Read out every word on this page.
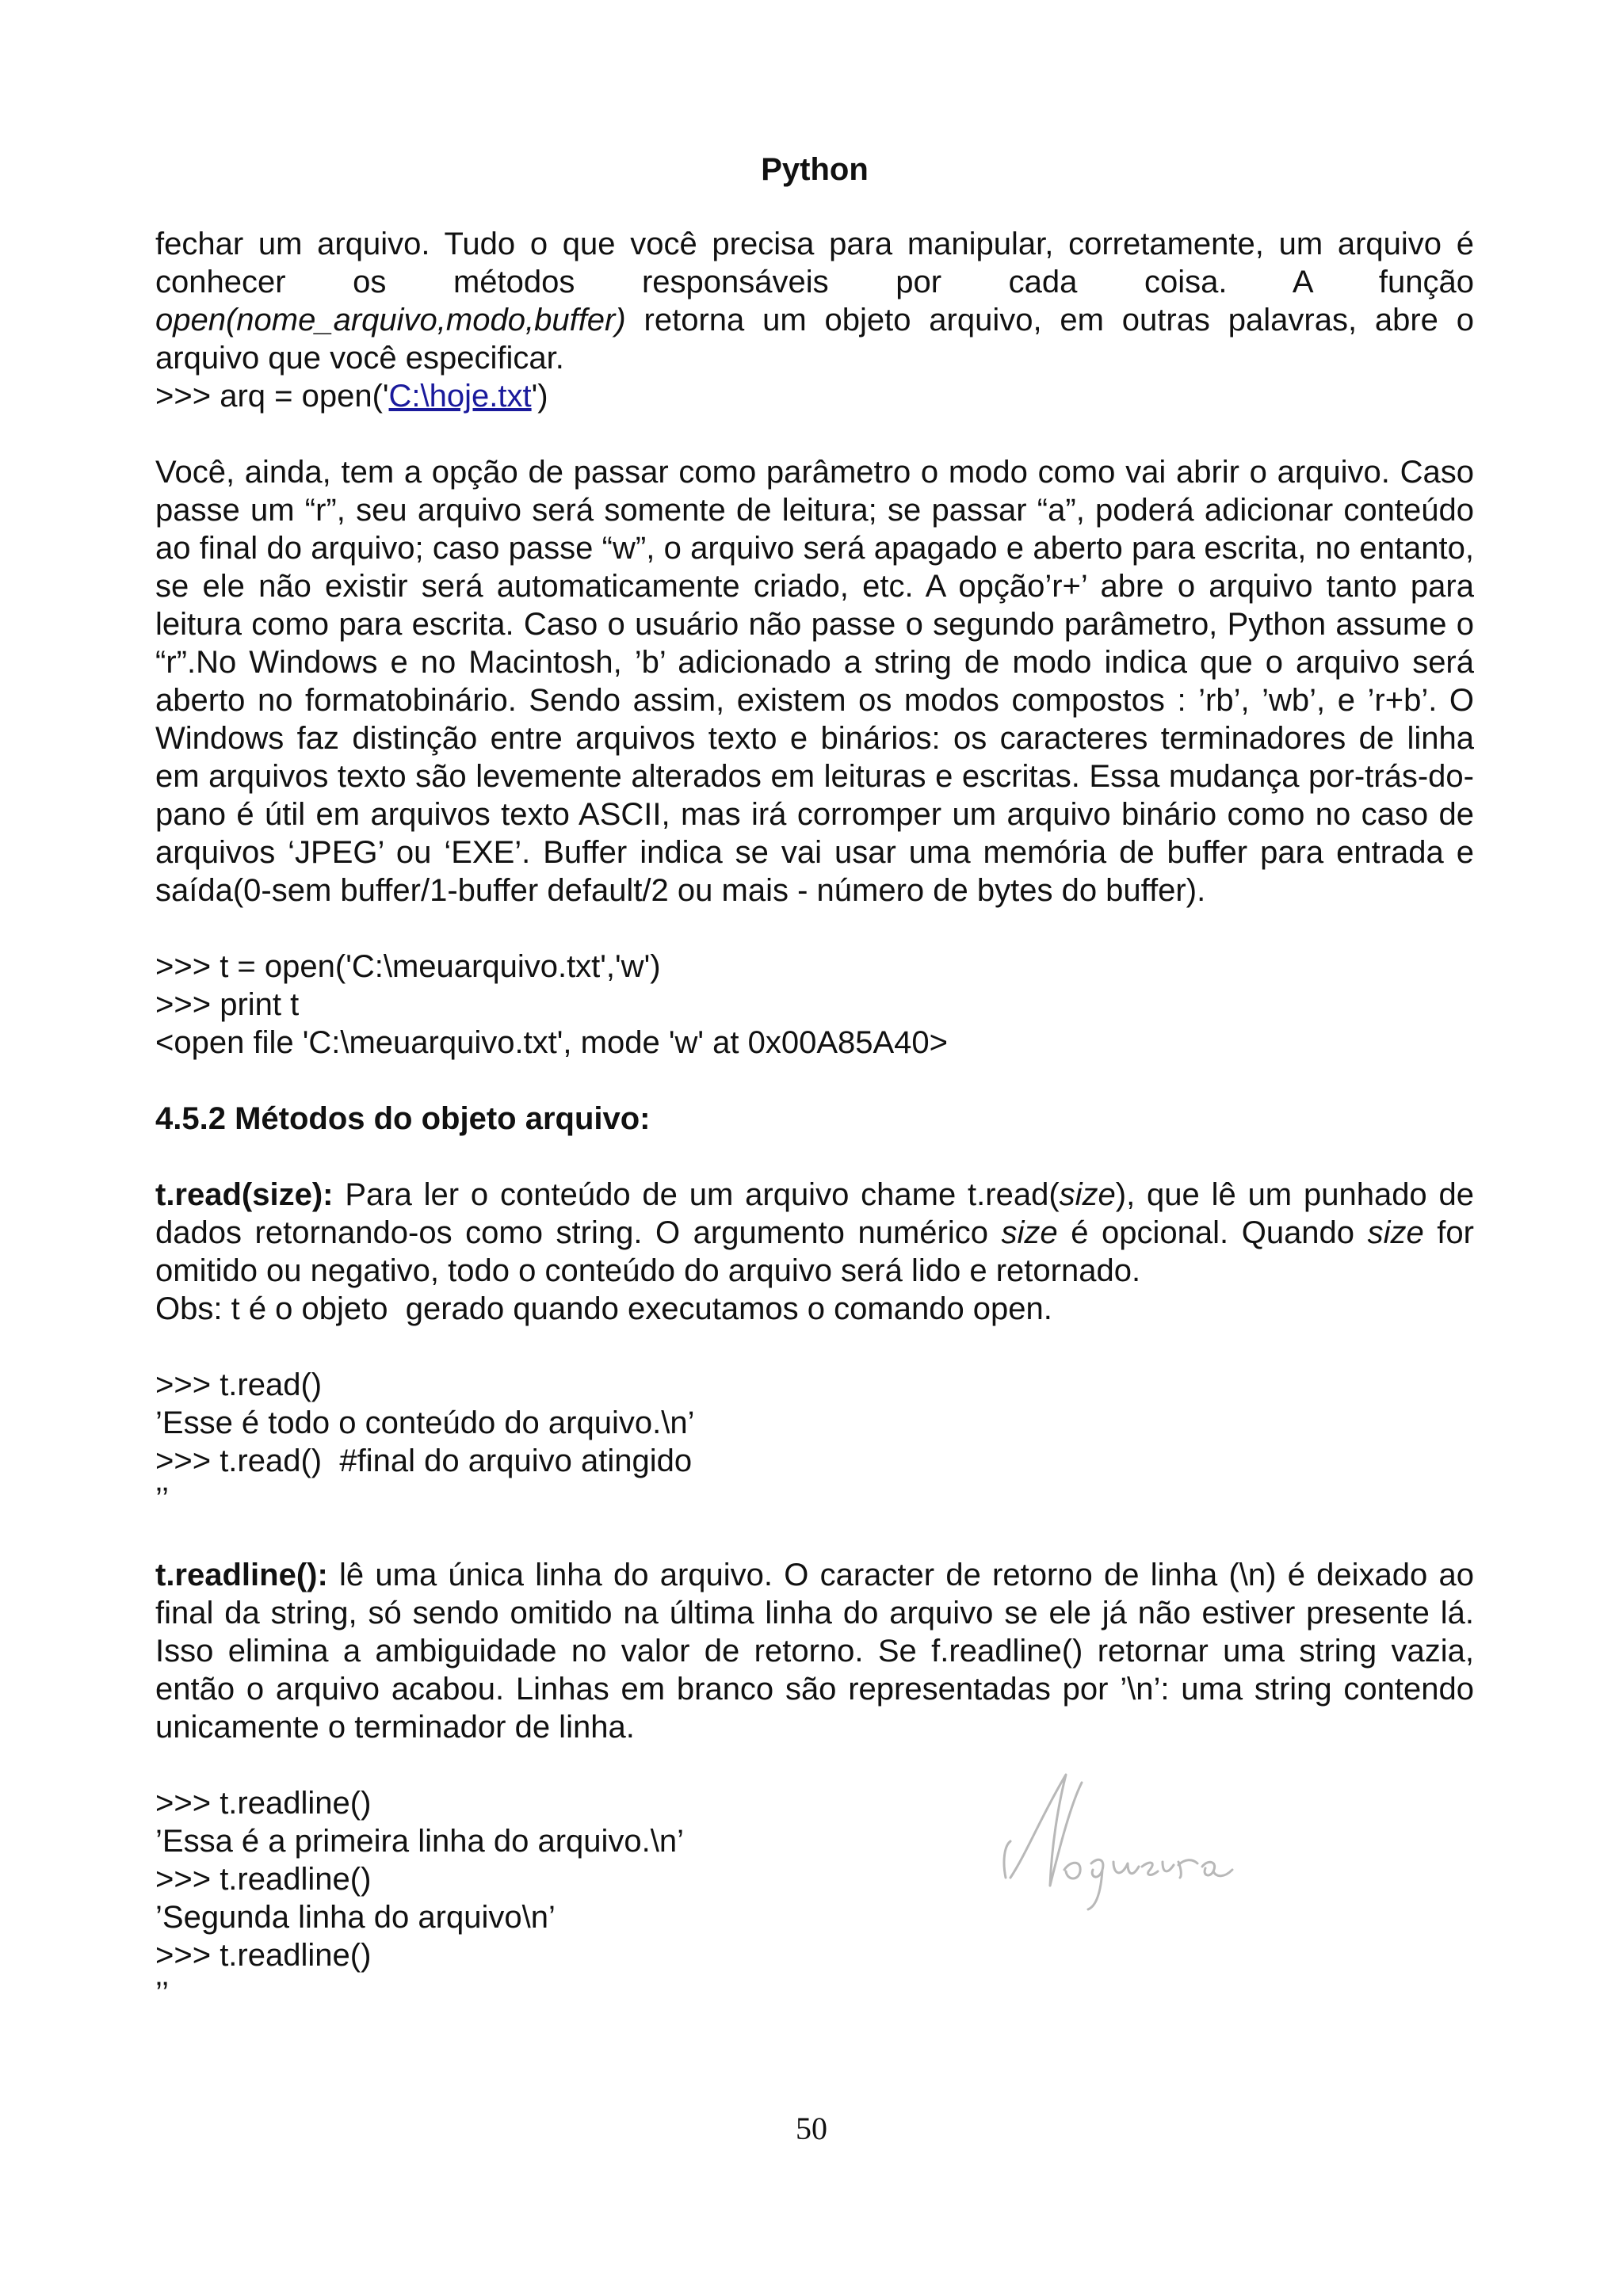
Python

fechar um arquivo. Tudo o que você precisa para manipular, corretamente, um arquivo é conhecer os métodos responsáveis por cada coisa. A função open(nome_arquivo,modo,buffer) retorna um objeto arquivo, em outras palavras, abre o arquivo que você especificar.

>>> arq = open('C:\hoje.txt')

Você, ainda, tem a opção de passar como parâmetro o modo como vai abrir o arquivo. Caso passe um “r”, seu arquivo será somente de leitura; se passar “a”, poderá adicionar conteúdo ao final do arquivo; caso passe “w”, o arquivo será apagado e aberto para escrita, no entanto, se ele não existir será automaticamente criado, etc. A opção’r+’ abre o arquivo tanto para leitura como para escrita. Caso o usuário não passe o segundo parâmetro, Python assume o “r”.No Windows e no Macintosh, ’b’ adicionado a string de modo indica que o arquivo será aberto no formatobinário. Sendo assim, existem os modos compostos : ’rb’, ’wb’, e ’r+b’. O Windows faz distinção entre arquivos texto e binários: os caracteres terminadores de linha em arquivos texto são levemente alterados em leituras e escritas. Essa mudança por-trás-do-pano é útil em arquivos texto ASCII, mas irá corromper um arquivo binário como no caso de arquivos ‘JPEG’ ou ‘EXE’. Buffer indica se vai usar uma memória de buffer para entrada e saída(0-sem buffer/1-buffer default/2 ou mais - número de bytes do buffer).

>>> t = open('C:\meuarquivo.txt','w')
>>> print t
<open file 'C:\meuarquivo.txt', mode 'w' at 0x00A85A40>
4.5.2 Métodos do objeto arquivo:

t.read(size): Para ler o conteúdo de um arquivo chame t.read(size), que lê um punhado de dados retornando-os como string. O argumento numérico size é opcional. Quando size for omitido ou negativo, todo o conteúdo do arquivo será lido e retornado.

Obs: t é o objeto  gerado quando executamos o comando open.
>>> t.read()
’Esse é todo o conteúdo do arquivo.\n’
>>> t.read()  #final do arquivo atingido
’’

t.readline(): lê uma única linha do arquivo. O caracter de retorno de linha (\n) é deixado ao final da string, só sendo omitido na última linha do arquivo se ele já não estiver presente lá. Isso elimina a ambiguidade no valor de retorno. Se f.readline() retornar uma string vazia, então o arquivo acabou. Linhas em branco são representadas por ’\n’: uma string contendo unicamente o terminador de linha.

>>> t.readline()
’Essa é a primeira linha do arquivo.\n’
>>> t.readline()
’Segunda linha do arquivo\n’
>>> t.readline()
’’
50
